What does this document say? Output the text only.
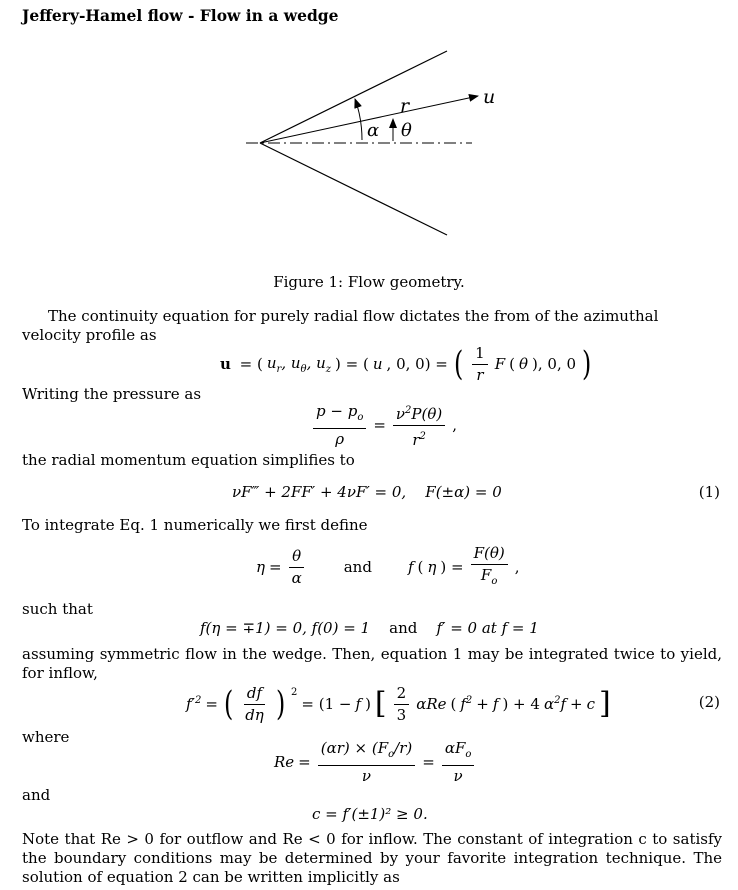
Jeffery-Hamel flow - Flow in a wedge
u
r
α θ
Figure 1: Flow geometry.
The continuity equation for purely radial flow dictates the from of the azimuthal velocity profile as
u = ( $u_r$, $u_\theta$, $u_z$ ) = ( u , 0, 0) = ( $\frac{1}{r}$ F ( θ ), 0, 0 )
Writing the pressure as
$\frac{p - p_o}{\rho} = \frac{\nu^2P(\theta)}{r^2}$ ,
the radial momentum equation simplifies to
νF‴ + 2FF′ + 4νF′ = 0, F(±α) = 0	(1)
To integrate Eq. 1 numerically we first define
$\eta = \frac{\theta}{\alpha}$	and f ( η ) = $\frac{F(\theta)}{F_o}$ ,
such that
f(η = ∓1) = 0, f(0) = 1 and f′ = 0 at f = 1
assuming symmetric flow in the wedge. Then, equation 1 may be integrated twice to yield, for inflow,
$f'^2$ = ( $\frac{df}{d\eta}$ ) $^2$
= (1 − f ) [ $\frac{2}{3}$ αRe ( $f^2 + f$ ) + 4 $\alpha^2f + c$ ]	(2)
where
$Re = \frac{(\alpha r) \times (F_o/r)}{\nu} = \frac{\alpha F_o}{\nu}$
and
c = f′(±1)² ≥ 0.
Note that Re > 0 for outflow and Re < 0 for inflow. The constant of integration c to satisfy the boundary conditions may be determined by your favorite integration technique. The solution of equation 2 can be written implicitly as
